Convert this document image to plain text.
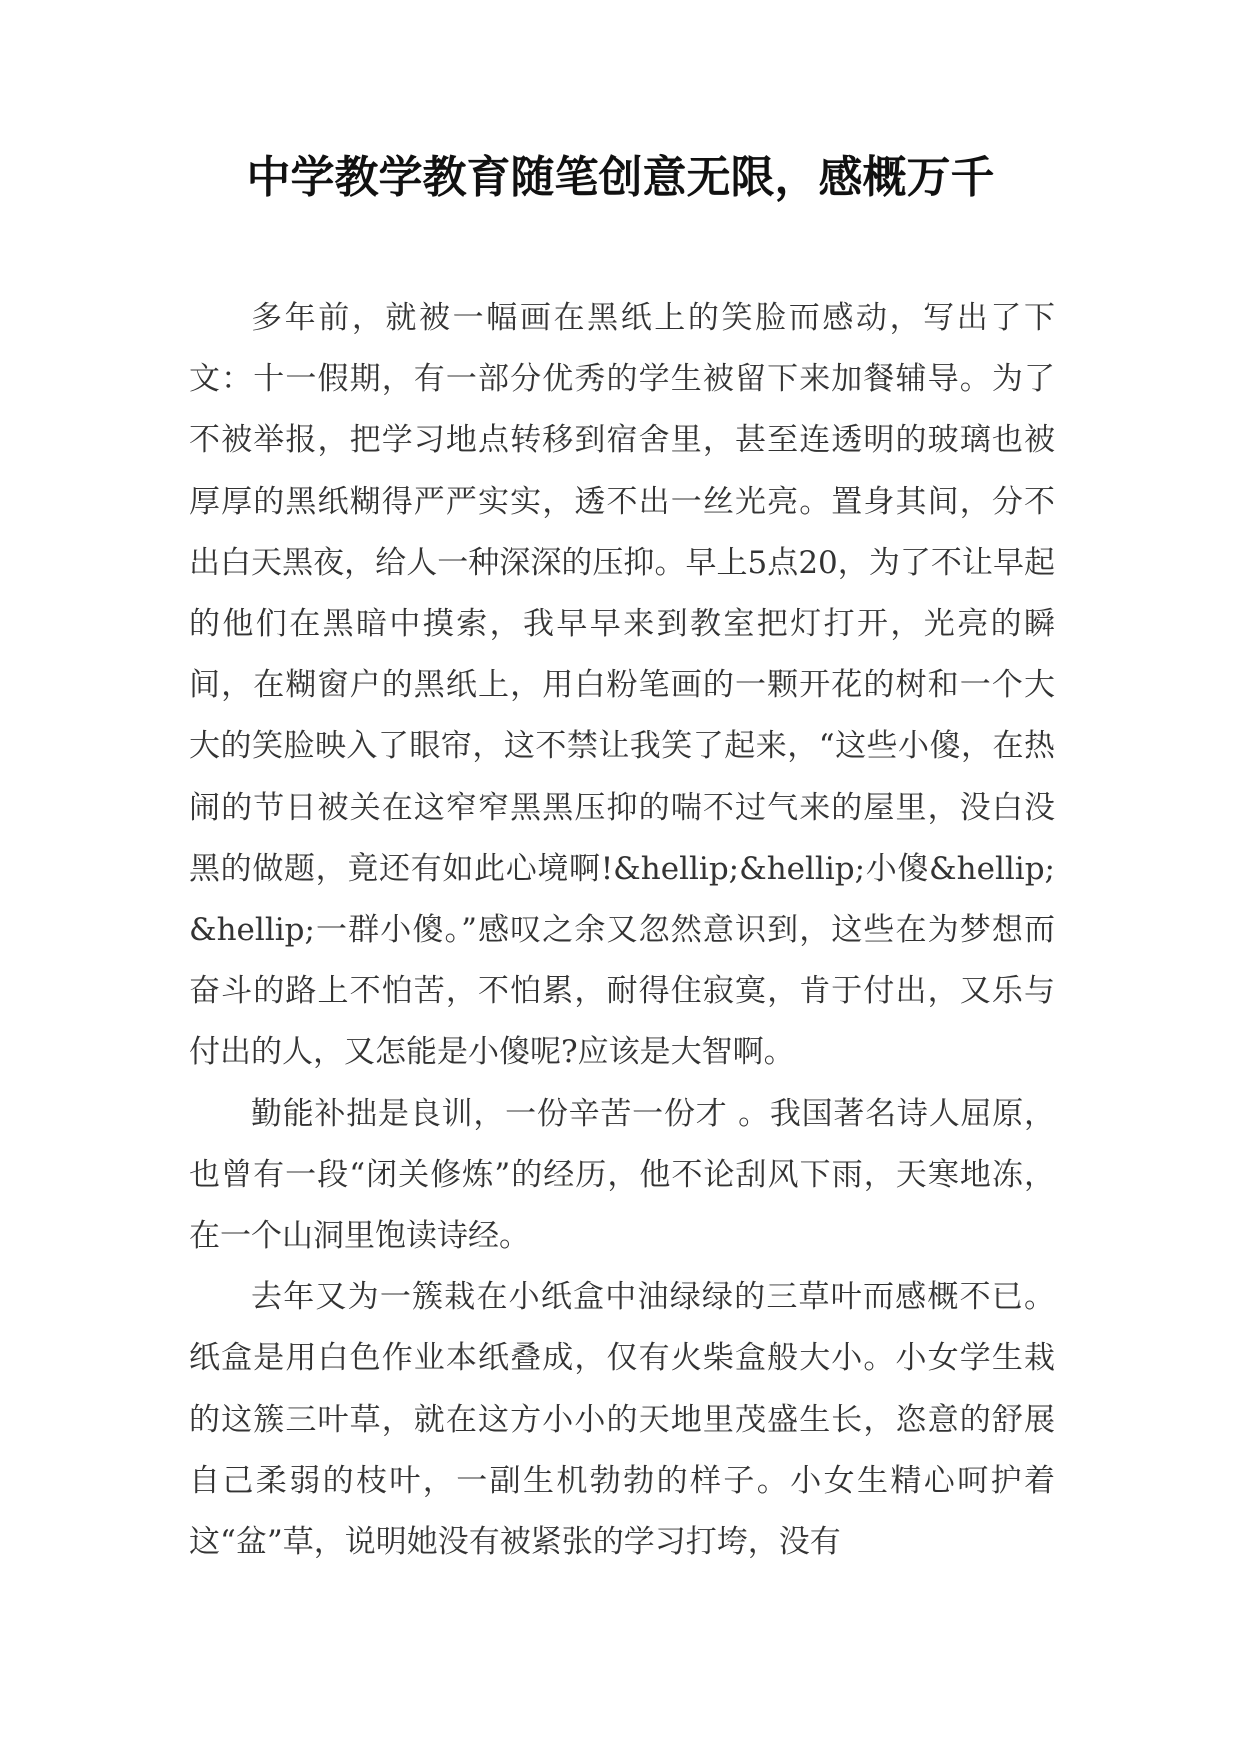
中学教学教育随笔创意无限，感概万千

多年前，就被一幅画在黑纸上的笑脸而感动，写出了下文：十一假期，有一部分优秀的学生被留下来加餐辅导。为了不被举报，把学习地点转移到宿舍里，甚至连透明的玻璃也被厚厚的黑纸糊得严严实实，透不出一丝光亮。置身其间，分不出白天黑夜，给人一种深深的压抑。早上5点20，为了不让早起的他们在黑暗中摸索，我早早来到教室把灯打开，光亮的瞬间，在糊窗户的黑纸上，用白粉笔画的一颗开花的树和一个大大的笑脸映入了眼帘，这不禁让我笑了起来，“这些小傻，在热闹的节日被关在这窄窄黑黑压抑的喘不过气来的屋里，没白没黑的做题，竟还有如此心境啊!&hellip;&hellip;小傻&hellip;&hellip;一群小傻。”感叹之余又忽然意识到，这些在为梦想而奋斗的路上不怕苦，不怕累，耐得住寂寞，肯于付出，又乐与付出的人，又怎能是小傻呢?应该是大智啊。

勤能补拙是良训，一份辛苦一份才 。我国著名诗人屈原，也曾有一段“闭关修炼”的经历，他不论刮风下雨，天寒地冻，在一个山洞里饱读诗经。

去年又为一簇栽在小纸盒中油绿绿的三草叶而感概不已。纸盒是用白色作业本纸叠成，仅有火柴盒般大小。小女学生栽的这簇三叶草，就在这方小小的天地里茂盛生长，恣意的舒展自己柔弱的枝叶，一副生机勃勃的样子。小女生精心呵护着这“盆”草，说明她没有被紧张的学习打垮，没有
